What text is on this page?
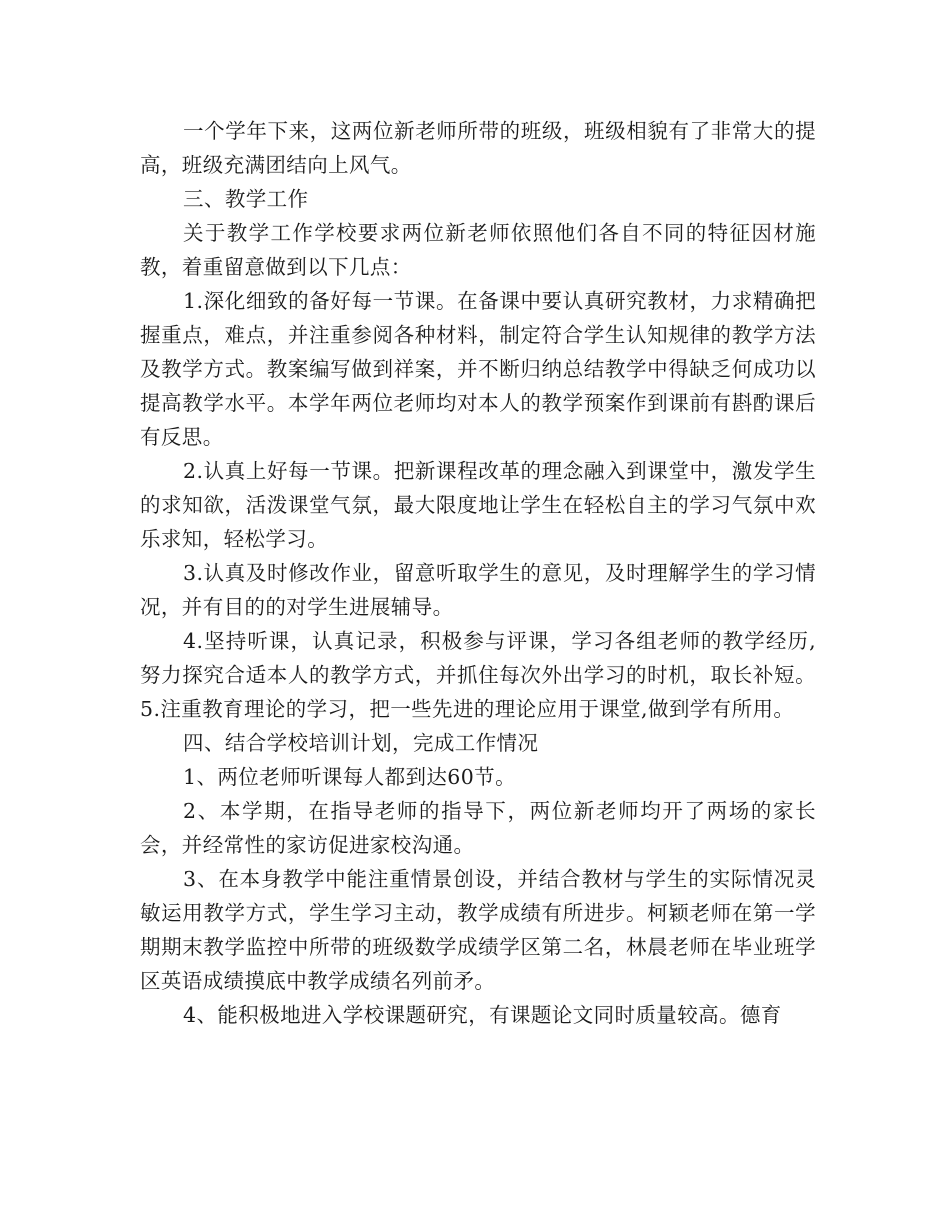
一个学年下来，这两位新老师所带的班级，班级相貌有了非常大的提高，班级充满团结向上风气。

三、教学工作

关于教学工作学校要求两位新老师依照他们各自不同的特征因材施教，着重留意做到以下几点：

1.深化细致的备好每一节课。在备课中要认真研究教材，力求精确把握重点，难点，并注重参阅各种材料，制定符合学生认知规律的教学方法及教学方式。教案编写做到祥案，并不断归纳总结教学中得缺乏何成功以提高教学水平。本学年两位老师均对本人的教学预案作到课前有斟酌课后有反思。

2.认真上好每一节课。把新课程改革的理念融入到课堂中，激发学生的求知欲，活泼课堂气氛，最大限度地让学生在轻松自主的学习气氛中欢乐求知，轻松学习。

3.认真及时修改作业，留意听取学生的意见，及时理解学生的学习情况，并有目的的对学生进展辅导。

4.坚持听课，认真记录，积极参与评课，学习各组老师的教学经历,努力探究合适本人的教学方式，并抓住每次外出学习的时机，取长补短。  5.注重教育理论的学习，把一些先进的理论应用于课堂,做到学有所用。

四、结合学校培训计划，完成工作情况

1、两位老师听课每人都到达60节。

2、本学期，在指导老师的指导下，两位新老师均开了两场的家长会，并经常性的家访促进家校沟通。

3、在本身教学中能注重情景创设，并结合教材与学生的实际情况灵敏运用教学方式，学生学习主动，教学成绩有所进步。柯颖老师在第一学期期末教学监控中所带的班级数学成绩学区第二名，林晨老师在毕业班学区英语成绩摸底中教学成绩名列前矛。

4、能积极地进入学校课题研究，有课题论文同时质量较高。德育
